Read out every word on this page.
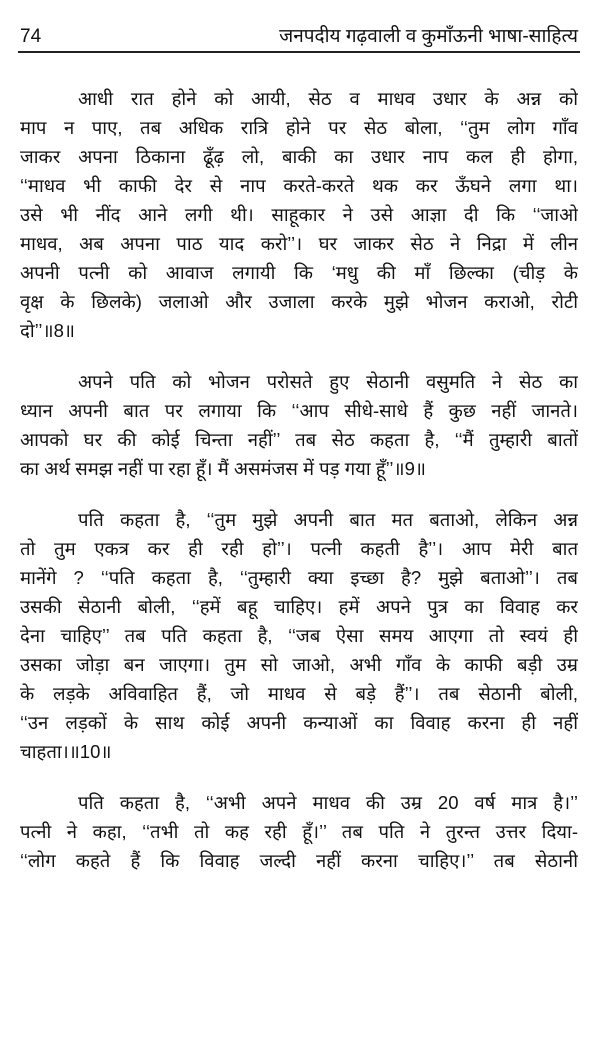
74	जनपदीय गढ़वाली व कुमाँऊनी भाषा-साहित्य
आधी रात होने को आयी, सेठ व माधव उधार के अन्न को
माप न पाए, तब अधिक रात्रि होने पर सेठ बोला, ‘‘तुम लोग गाँव
जाकर अपना ठिकाना ढूँढ़ लो, बाकी का उधार नाप कल ही होगा,
‘‘माधव भी काफी देर से नाप करते-करते थक कर ऊँघने लगा था।
उसे भी नींद आने लगी थी। साहूकार ने उसे आज्ञा दी कि ‘‘जाओ
माधव, अब अपना पाठ याद करो’’। घर जाकर सेठ ने निद्रा में लीन
अपनी पत्नी को आवाज लगायी कि ‘मधु की माँ छिल्का (चीड़ के
वृक्ष के छिलके) जलाओ और उजाला करके मुझे भोजन कराओ, रोटी
दो’’॥8॥
अपने पति को भोजन परोसते हुए सेठानी वसुमति ने सेठ का
ध्यान अपनी बात पर लगाया कि ‘‘आप सीधे-साधे हैं कुछ नहीं जानते।
आपको घर की कोई चिन्ता नहीं’’ तब सेठ कहता है, ‘‘मैं तुम्हारी बातों
का अर्थ समझ नहीं पा रहा हूँ। मैं असमंजस में पड़ गया हूँ’’॥9॥
पति कहता है, ‘‘तुम मुझे अपनी बात मत बताओ, लेकिन अन्न
तो तुम एकत्र कर ही रही हो’’। पत्नी कहती है’’। आप मेरी बात
मानेंगे ? ‘‘पति कहता है, ‘‘तुम्हारी क्या इच्छा है? मुझे बताओ’’। तब
उसकी सेठानी बोली, ‘‘हमें बहू चाहिए। हमें अपने पुत्र का विवाह कर
देना चाहिए’’ तब पति कहता है, ‘‘जब ऐसा समय आएगा तो स्वयं ही
उसका जोड़ा बन जाएगा। तुम सो जाओ, अभी गाँव के काफी बड़ी उम्र
के लड़के अविवाहित हैं, जो माधव से बड़े हैं’’। तब सेठानी बोली,
‘‘उन लड़कों के साथ कोई अपनी कन्याओं का विवाह करना ही नहीं
चाहता।॥10॥
पति कहता है, ‘‘अभी अपने माधव की उम्र 20 वर्ष मात्र है।’’
पत्नी ने कहा, ‘‘तभी तो कह रही हूँ।’’ तब पति ने तुरन्त उत्तर दिया-
‘‘लोग कहते हैं कि विवाह जल्दी नहीं करना चाहिए।’’ तब सेठानी
